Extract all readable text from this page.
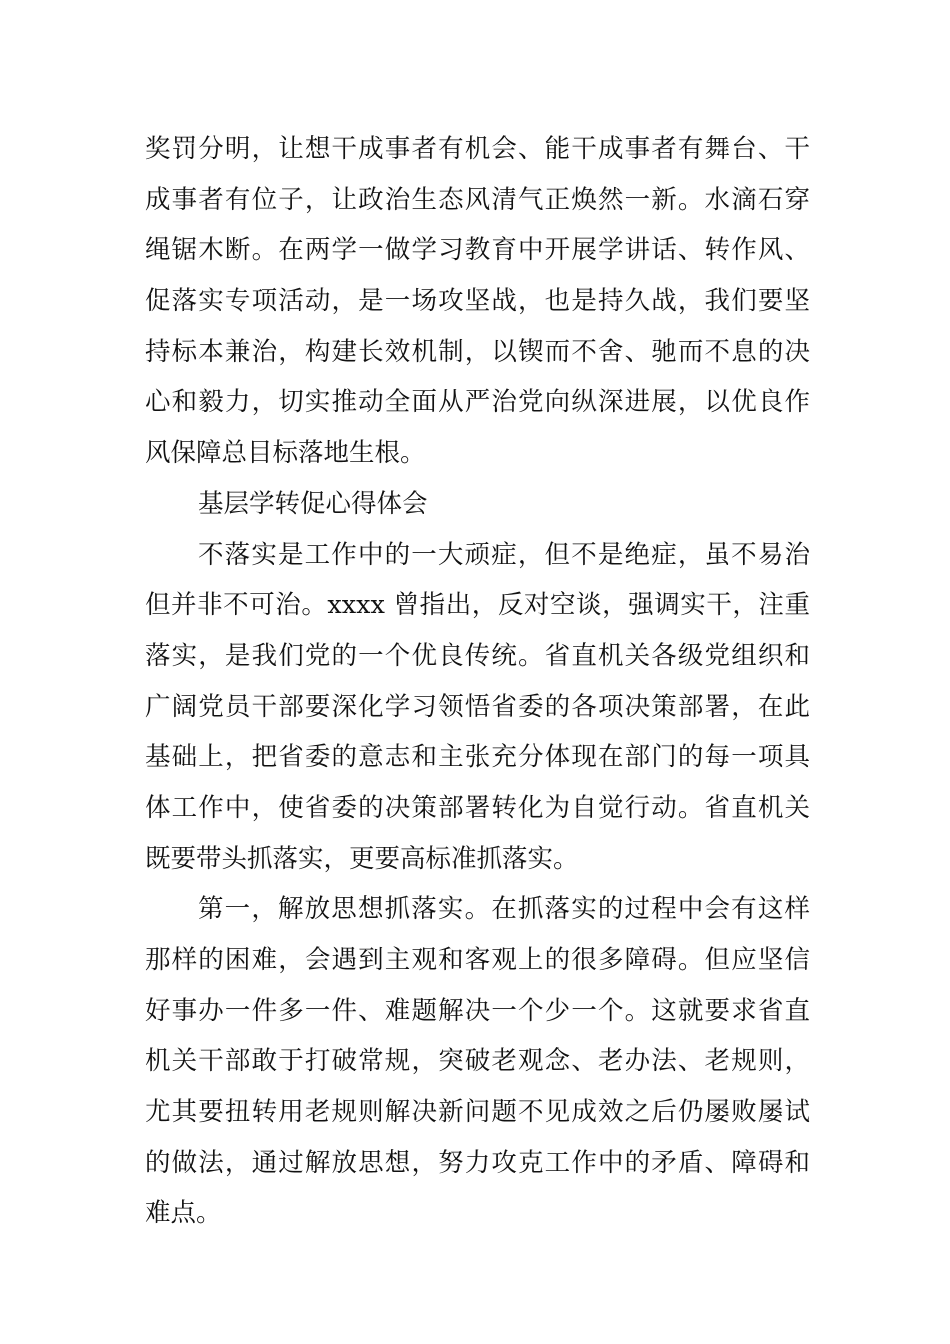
奖罚分明，让想干成事者有机会、能干成事者有舞台、干
成事者有位子，让政治生态风清气正焕然一新。水滴石穿
绳锯木断。在两学一做学习教育中开展学讲话、转作风、
促落实专项活动，是一场攻坚战，也是持久战，我们要坚
持标本兼治，构建长效机制，以锲而不舍、驰而不息的决
心和毅力，切实推动全面从严治党向纵深进展，以优良作
风保障总目标落地生根。
基层学转促心得体会
不落实是工作中的一大顽症，但不是绝症，虽不易治
但并非不可治。xxxx 曾指出，反对空谈，强调实干，注重
落实，是我们党的一个优良传统。省直机关各级党组织和
广阔党员干部要深化学习领悟省委的各项决策部署，在此
基础上，把省委的意志和主张充分体现在部门的每一项具
体工作中，使省委的决策部署转化为自觉行动。省直机关
既要带头抓落实，更要高标准抓落实。
第一，解放思想抓落实。在抓落实的过程中会有这样
那样的困难，会遇到主观和客观上的很多障碍。但应坚信
好事办一件多一件、难题解决一个少一个。这就要求省直
机关干部敢于打破常规，突破老观念、老办法、老规则，
尤其要扭转用老规则解决新问题不见成效之后仍屡败屡试
的做法，通过解放思想，努力攻克工作中的矛盾、障碍和
难点。
